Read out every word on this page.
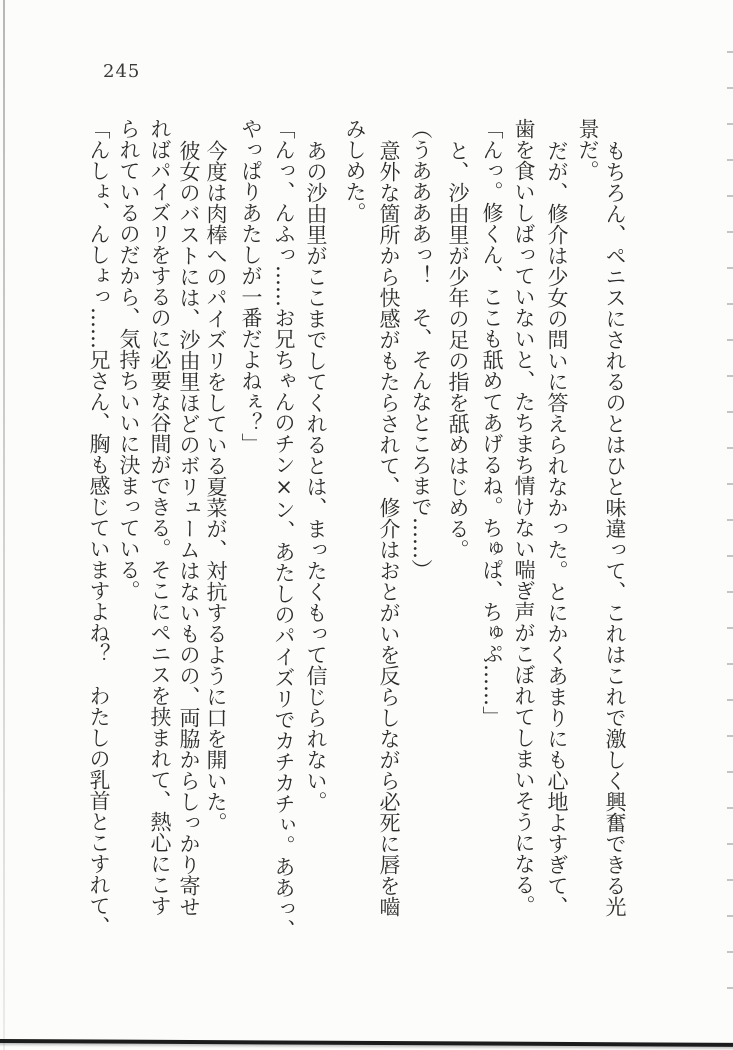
245
もちろん、ペニスにされるのとはひと味違って、これはこれで激しく興奮できる光
景だ。
だが、修介は少女の問いに答えられなかった。とにかくあまりにも心地よすぎて、
歯を食いしばっていないと、たちまち情けない喘ぎ声がこぼれてしまいそうになる。
「んっ。修くん、ここも舐めてあげるね。ちゅぱ、ちゅぷ……」
と、沙由里が少年の足の指を舐めはじめる。
（うああああっ！　そ、そんなところまで……）
意外な箇所から快感がもたらされて、修介はおとがいを反らしながら必死に唇を嚙
みしめた。
あの沙由里がここまでしてくれるとは、まったくもって信じられない。
「んっ、んふっ……お兄ちゃんのチン×ン、あたしのパイズリでカチカチぃ。ああっ、
やっぱりあたしが一番だよねぇ？」
今度は肉棒へのパイズリをしている夏菜が、対抗するように口を開いた。
彼女のバストには、沙由里ほどのボリュームはないものの、両脇からしっかり寄せ
ればパイズリをするのに必要な谷間ができる。そこにペニスを挟まれて、熱心にこす
られているのだから、気持ちいいに決まっている。
「んしょ、んしょっ……兄さん、胸も感じていますよね？　わたしの乳首とこすれて、
